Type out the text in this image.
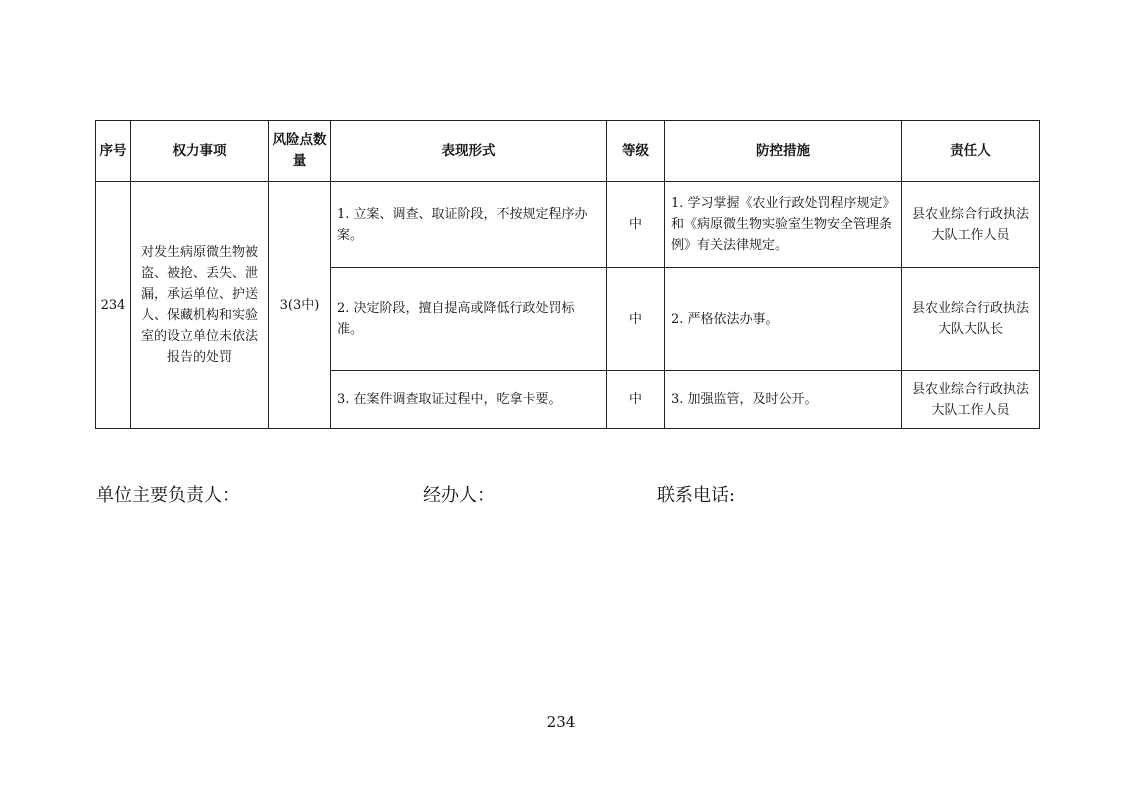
序号	权力事项	风险点数量	表现形式	等级	防控措施	责任人
234	对发生病原微生物被盗、被抢、丢失、泄漏，承运单位、护送人、保藏机构和实验室的设立单位未依法报告的处罚	3(3中)	1. 立案、调查、取证阶段，不按规定程序办案。	中	1. 学习掌握《农业行政处罚程序规定》和《病原微生物实验室生物安全管理条例》有关法律规定。	县农业综合行政执法大队工作人员
			2. 决定阶段，擅自提高或降低行政处罚标准。	中	2. 严格依法办事。	县农业综合行政执法大队大队长
			3. 在案件调查取证过程中，吃拿卡要。	中	3. 加强监管，及时公开。	县农业综合行政执法大队工作人员
单位主要负责人：	经办人：	联系电话:
234
